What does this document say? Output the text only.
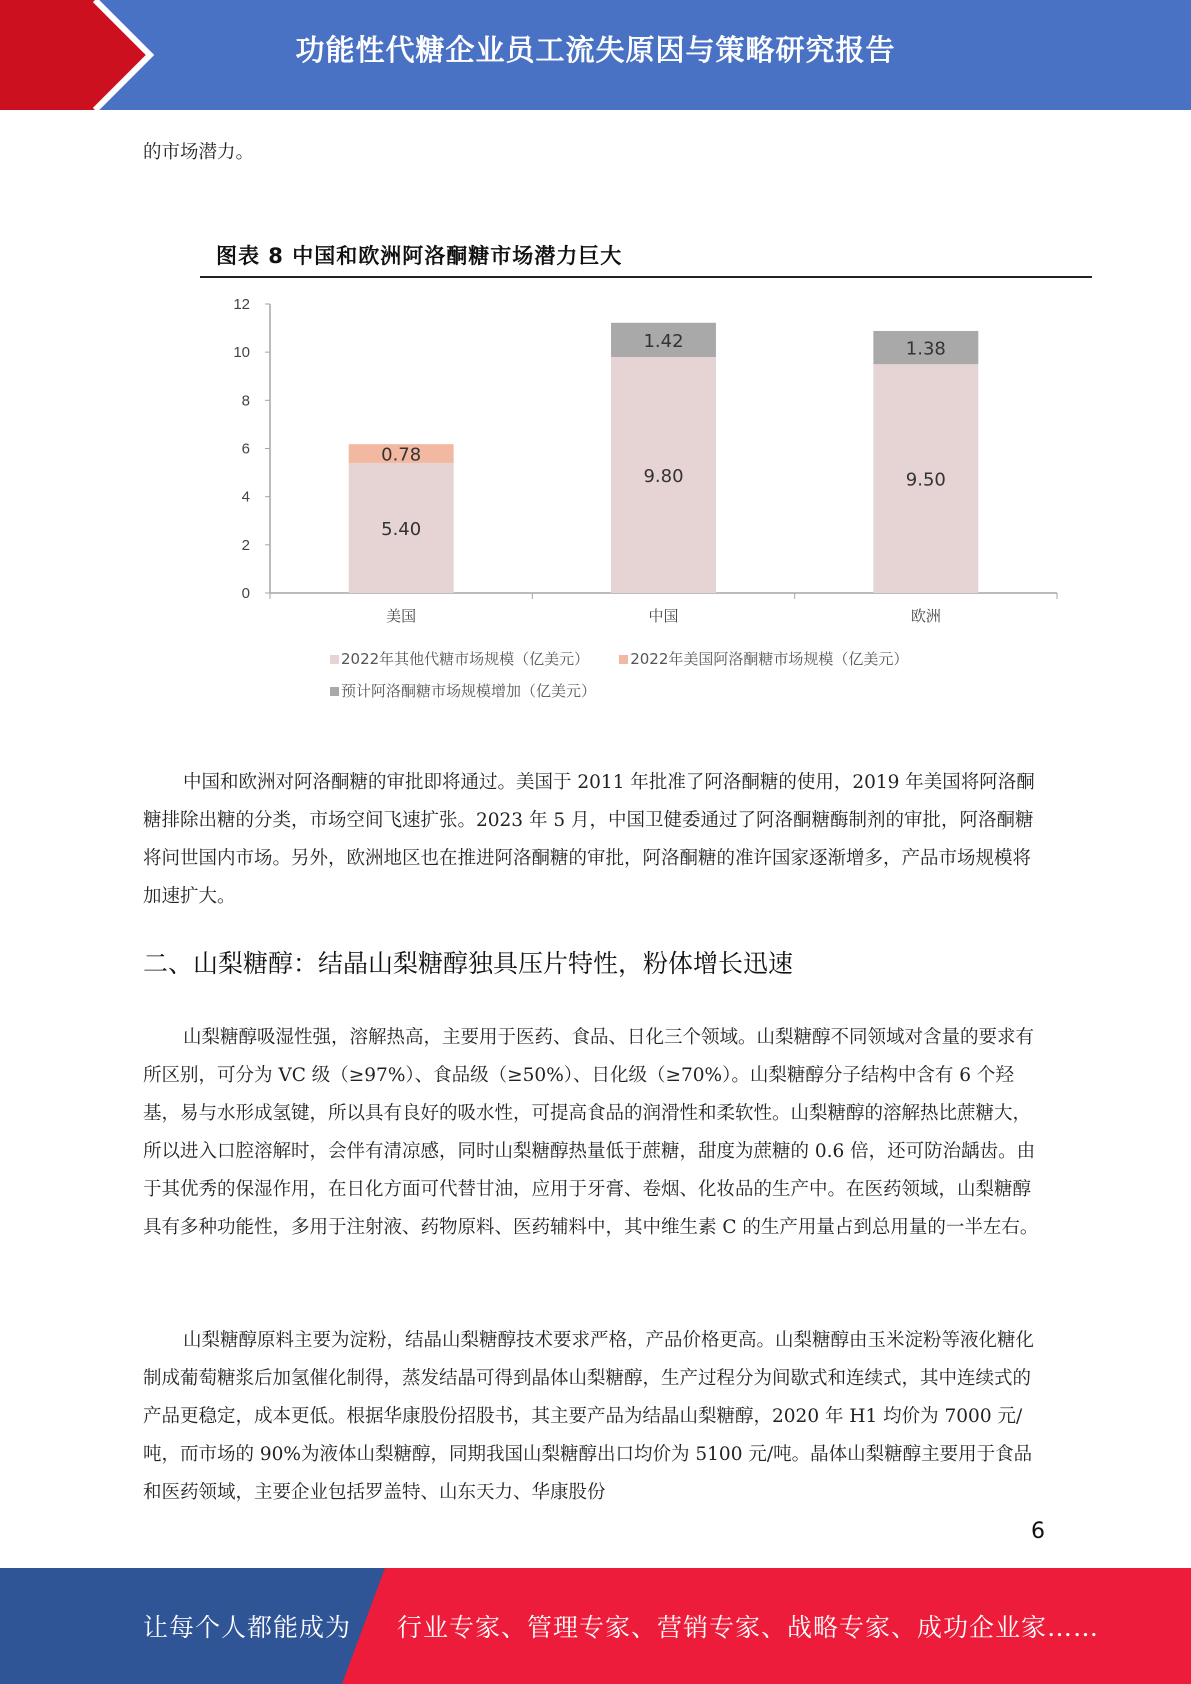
功能性代糖企业员工流失原因与策略研究报告

的市场潜力。

图表 8 中国和欧洲阿洛酮糖市场潜力巨大
0
2
4
6
8
10
12
5.40
0.78
美国
9.80
1.42
中国
9.50
1.38
欧洲
2022年其他代糖市场规模（亿美元）	2022年美国阿洛酮糖市场规模（亿美元）
预计阿洛酮糖市场规模增加（亿美元）

中国和欧洲对阿洛酮糖的审批即将通过。美国于 2011 年批准了阿洛酮糖的使用，2019 年美国将阿洛酮糖排除出糖的分类，市场空间飞速扩张。2023 年 5 月，中国卫健委通过了阿洛酮糖酶制剂的审批，阿洛酮糖将问世国内市场。另外，欧洲地区也在推进阿洛酮糖的审批，阿洛酮糖的准许国家逐渐增多，产品市场规模将加速扩大。

二、山梨糖醇：结晶山梨糖醇独具压片特性，粉体增长迅速

山梨糖醇吸湿性强，溶解热高，主要用于医药、食品、日化三个领域。山梨糖醇不同领域对含量的要求有所区别，可分为 VC 级（≥97%）、食品级（≥50%）、日化级（≥70%）。山梨糖醇分子结构中含有 6 个羟基，易与水形成氢键，所以具有良好的吸水性，可提高食品的润滑性和柔软性。山梨糖醇的溶解热比蔗糖大，所以进入口腔溶解时，会伴有清凉感，同时山梨糖醇热量低于蔗糖，甜度为蔗糖的 0.6 倍，还可防治龋齿。由于其优秀的保湿作用，在日化方面可代替甘油，应用于牙膏、卷烟、化妆品的生产中。在医药领域，山梨糖醇具有多种功能性，多用于注射液、药物原料、医药辅料中，其中维生素 C 的生产用量占到总用量的一半左右。

山梨糖醇原料主要为淀粉，结晶山梨糖醇技术要求严格，产品价格更高。山梨糖醇由玉米淀粉等液化糖化制成葡萄糖浆后加氢催化制得，蒸发结晶可得到晶体山梨糖醇，生产过程分为间歇式和连续式，其中连续式的产品更稳定，成本更低。根据华康股份招股书，其主要产品为结晶山梨糖醇，2020 年 H1 均价为 7000 元/吨，而市场的 90%为液体山梨糖醇，同期我国山梨糖醇出口均价为 5100 元/吨。晶体山梨糖醇主要用于食品和医药领域，主要企业包括罗盖特、山东天力、华康股份

6
让每个人都能成为 行业专家、管理专家、营销专家、战略专家、成功企业家……
